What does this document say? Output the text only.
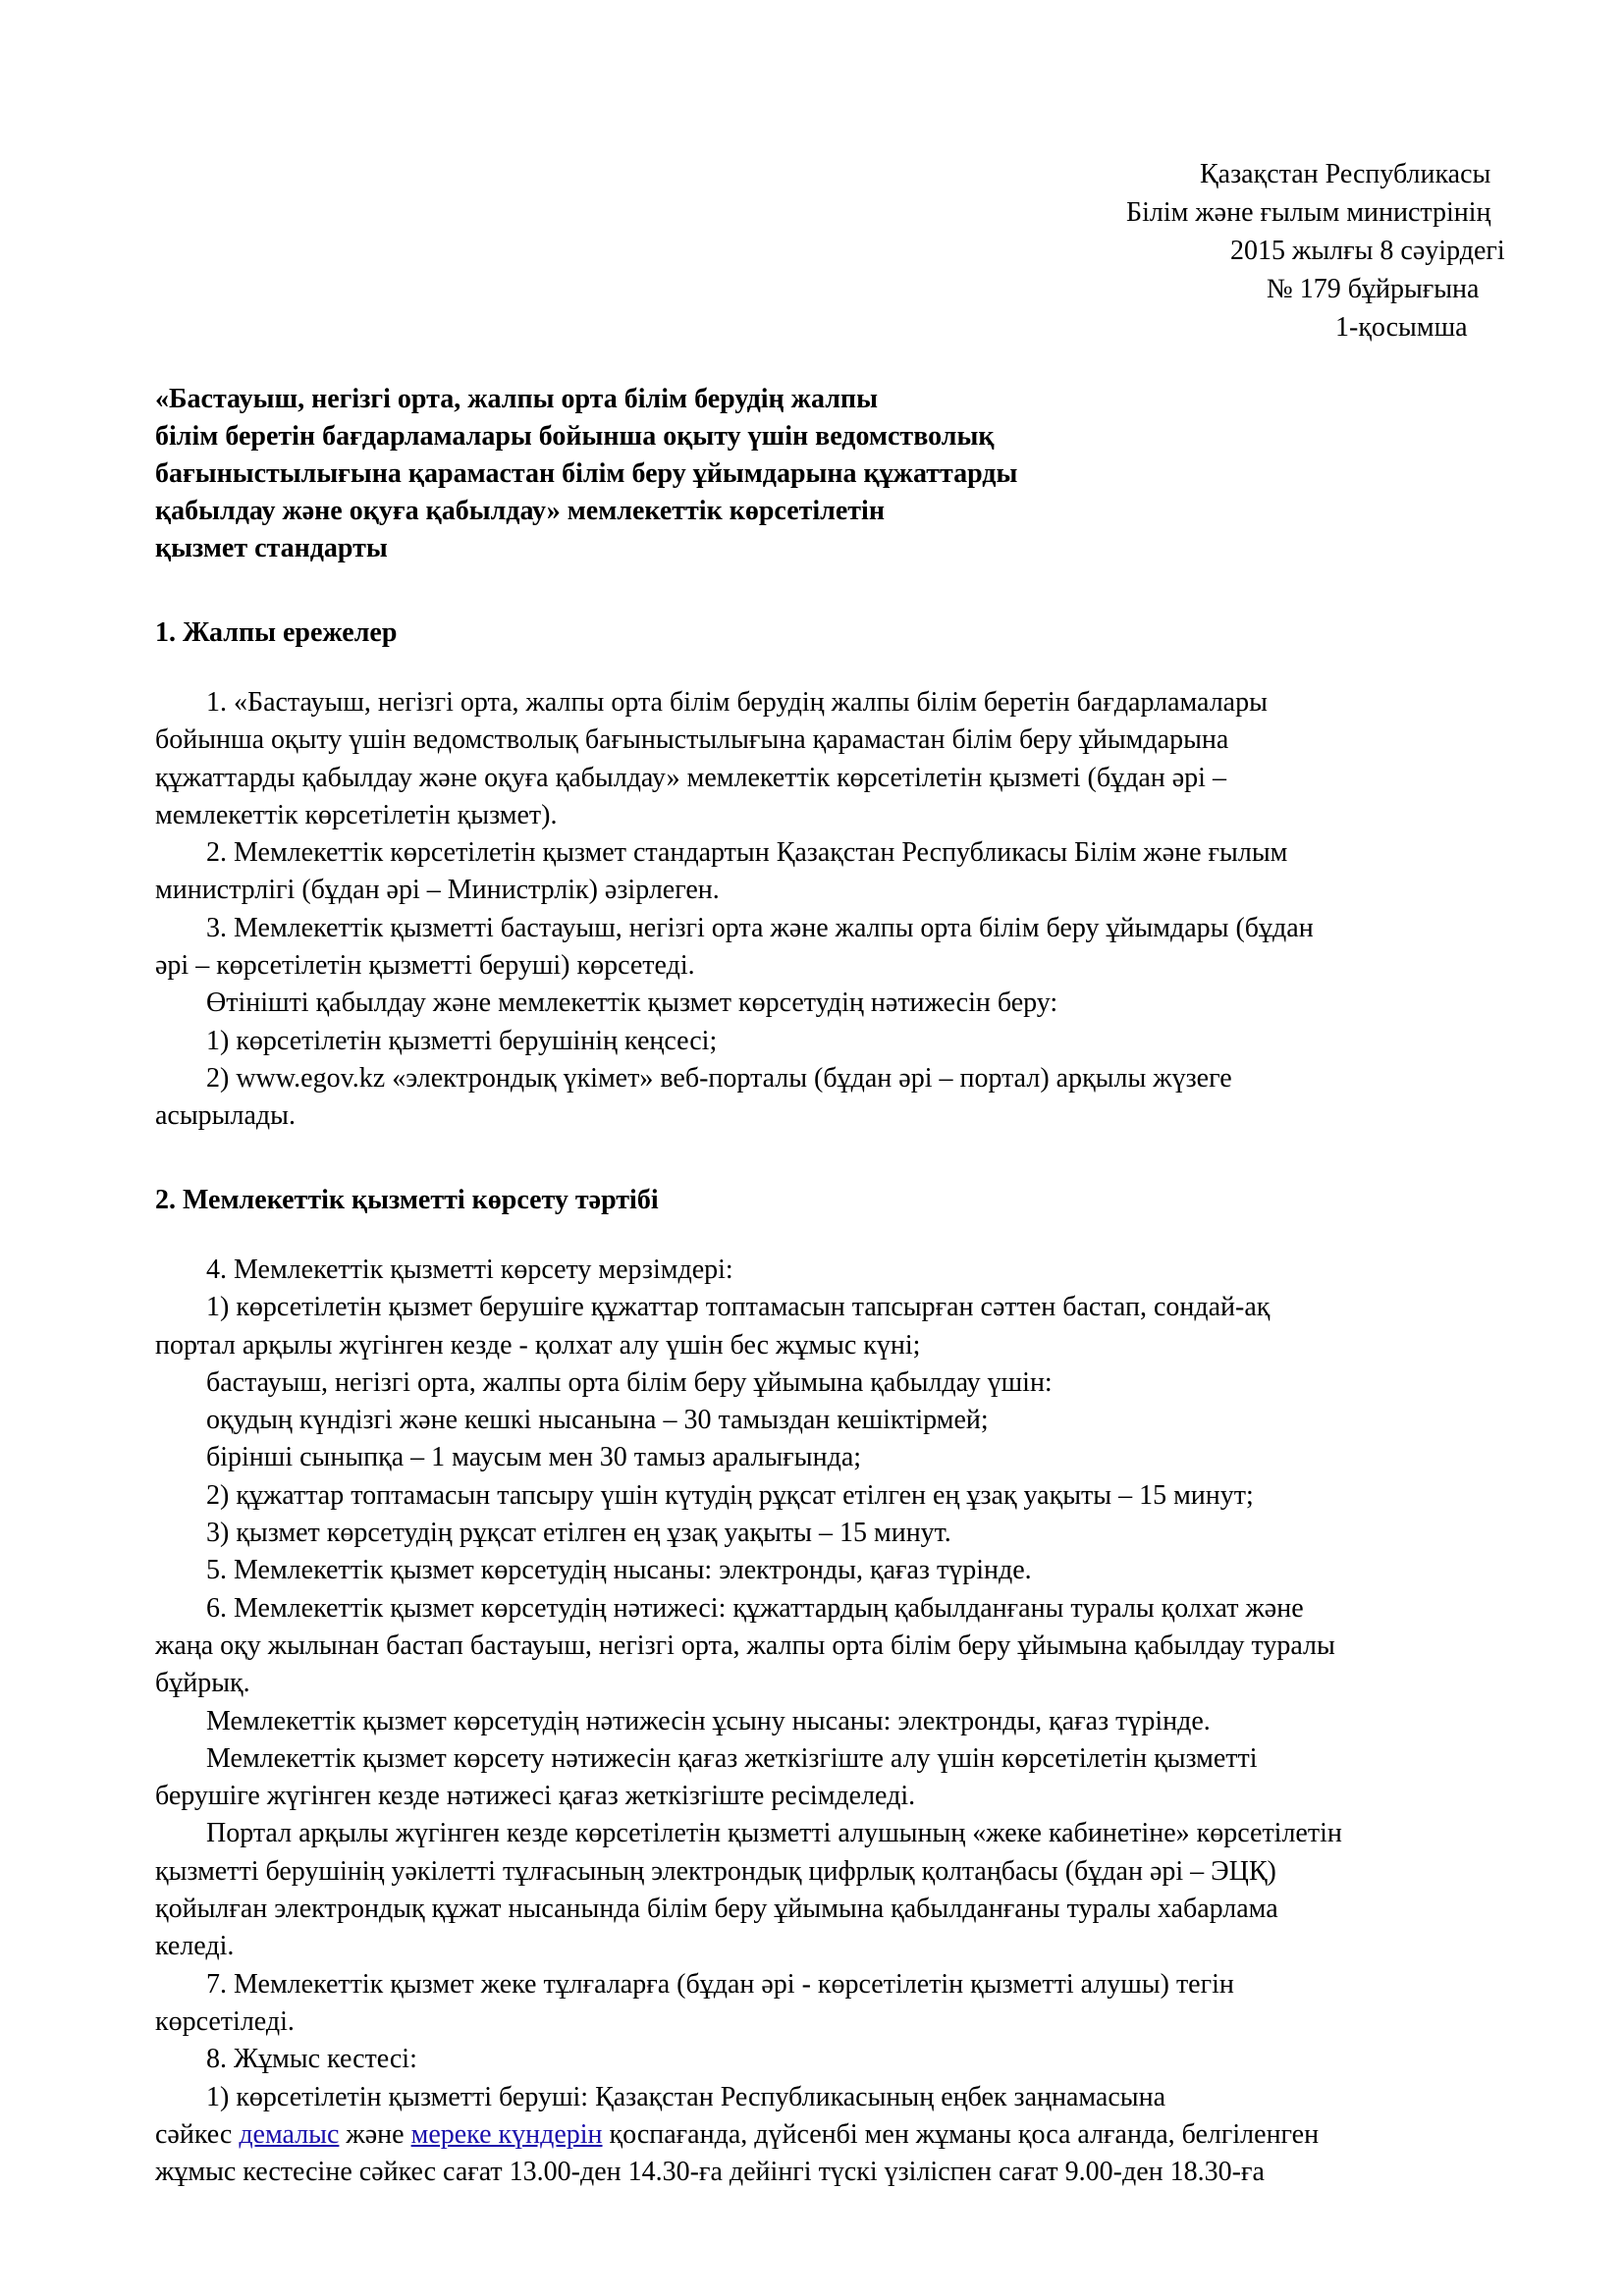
Қазақстан Республикасы
Білім және ғылым министрінің
2015 жылғы 8 сәуірдегі
№ 179 бұйрығына
1-қосымша
«Бастауыш, негізгі орта, жалпы орта білім берудің жалпы
білім беретін бағдарламалары бойынша оқыту үшін ведомстволық
бағыныстылығына қарамастан білім беру ұйымдарына құжаттарды
қабылдау және оқуға қабылдау» мемлекеттік көрсетілетін
қызмет стандарты
1. Жалпы ережелер
1. «Бастауыш, негізгі орта, жалпы орта білім берудің жалпы білім беретін бағдарламалары
бойынша оқыту үшін ведомстволық бағыныстылығына қарамастан білім беру ұйымдарына
құжаттарды қабылдау және оқуға қабылдау» мемлекеттік көрсетілетін қызметі (бұдан әрі –
мемлекеттік көрсетілетін қызмет).
2. Мемлекеттік көрсетілетін қызмет стандартын Қазақстан Республикасы Білім және ғылым
министрлігі (бұдан әрі – Министрлік) әзірлеген.
3. Мемлекеттік қызметті бастауыш, негізгі орта және жалпы орта білім беру ұйымдары (бұдан
әрі – көрсетілетін қызметті беруші) көрсетеді.
Өтінішті қабылдау және мемлекеттік қызмет көрсетудің нәтижесін беру:
1) көрсетілетін қызметті берушінің кеңсесі;
2) www.egov.kz «электрондық үкімет» веб-порталы (бұдан әрі – портал) арқылы жүзеге
асырылады.
2. Мемлекеттік қызметті көрсету тәртібі
4. Мемлекеттік қызметті көрсету мерзімдері:
1) көрсетілетін қызмет берушіге құжаттар топтамасын тапсырған сәттен бастап, сондай-ақ
портал арқылы жүгінген кезде - қолхат алу үшін бес жұмыс күні;
бастауыш, негізгі орта, жалпы орта білім беру ұйымына қабылдау үшін:
оқудың күндізгі және кешкі нысанына – 30 тамыздан кешіктірмей;
бірінші сыныпқа – 1 маусым мен 30 тамыз аралығында;
2) құжаттар топтамасын тапсыру үшін күтудің рұқсат етілген ең ұзақ уақыты – 15 минут;
3) қызмет көрсетудің рұқсат етілген ең ұзақ уақыты – 15 минут.
5. Мемлекеттік қызмет көрсетудің нысаны: электронды, қағаз түрінде.
6. Мемлекеттік қызмет көрсетудің нәтижесі: құжаттардың қабылданғаны туралы қолхат және
жаңа оқу жылынан бастап бастауыш, негізгі орта, жалпы орта білім беру ұйымына қабылдау туралы
бұйрық.
Мемлекеттік қызмет көрсетудің нәтижесін ұсыну нысаны: электронды, қағаз түрінде.
Мемлекеттік қызмет көрсету нәтижесін қағаз жеткізгіште алу үшін көрсетілетін қызметті
берушіге жүгінген кезде нәтижесі қағаз жеткізгіште ресімделеді.
Портал арқылы жүгінген кезде көрсетілетін қызметті алушының «жеке кабинетіне» көрсетілетін
қызметті берушінің уәкілетті тұлғасының электрондық цифрлық қолтаңбасы (бұдан әрі – ЭЦҚ)
қойылған электрондық құжат нысанында білім беру ұйымына қабылданғаны туралы хабарлама
келеді.
7. Мемлекеттік қызмет жеке тұлғаларға (бұдан әрі - көрсетілетін қызметті алушы) тегін
көрсетіледі.
8. Жұмыс кестесі:
1) көрсетілетін қызметті беруші: Қазақстан Республикасының еңбек заңнамасына
сәйкес демалыс және мереке күндерін қоспағанда, дүйсенбі мен жұманы қоса алғанда, белгіленген
жұмыс кестесіне сәйкес сағат 13.00-ден 14.30-ға дейінгі түскі үзіліспен сағат 9.00-ден 18.30-ға
